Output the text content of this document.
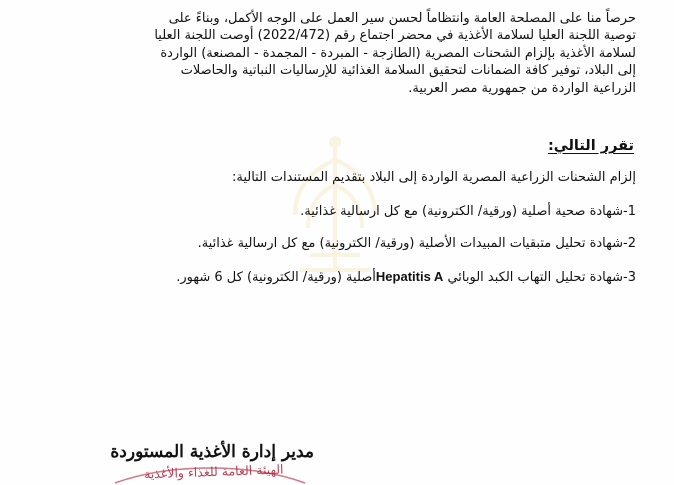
حرصاً منا على المصلحة العامة وانتظاماً لحسن سير العمل على الوجه الأكمل، وبناءً على

توصية اللجنة العليا لسلامة الأغذية في محضر اجتماع رقم (2022/472) أوصت اللجنة العليا

لسلامة الأغذية بإلزام الشحنات المصرية (الطازجة - المبردة - المجمدة - المصنعة) الواردة

إلى البلاد، توفير كافة الضمانات لتحقيق السلامة الغذائية للإرساليات النباتية والحاصلات

الزراعية الواردة من جمهورية مصر العربية.

تقرر التالي:
إلزام الشحنات الزراعية المصرية الواردة إلى البلاد بتقديم المستندات التالية:
1-شهادة صحية أصلية (ورقية/ الكترونية) مع كل ارسالية غذائية.
2-شهادة تحليل متبقيات المبيدات الأصلية (ورقية/ الكترونية) مع كل ارسالية غذائية.
3-شهادة تحليل التهاب الكبد الوبائي Hepatitis Aأصلية (ورقية/ الكترونية) كل 6 شهور.
مدير إدارة الأغذية المستوردة
الهيئة العامة للغذاء والأغذية
